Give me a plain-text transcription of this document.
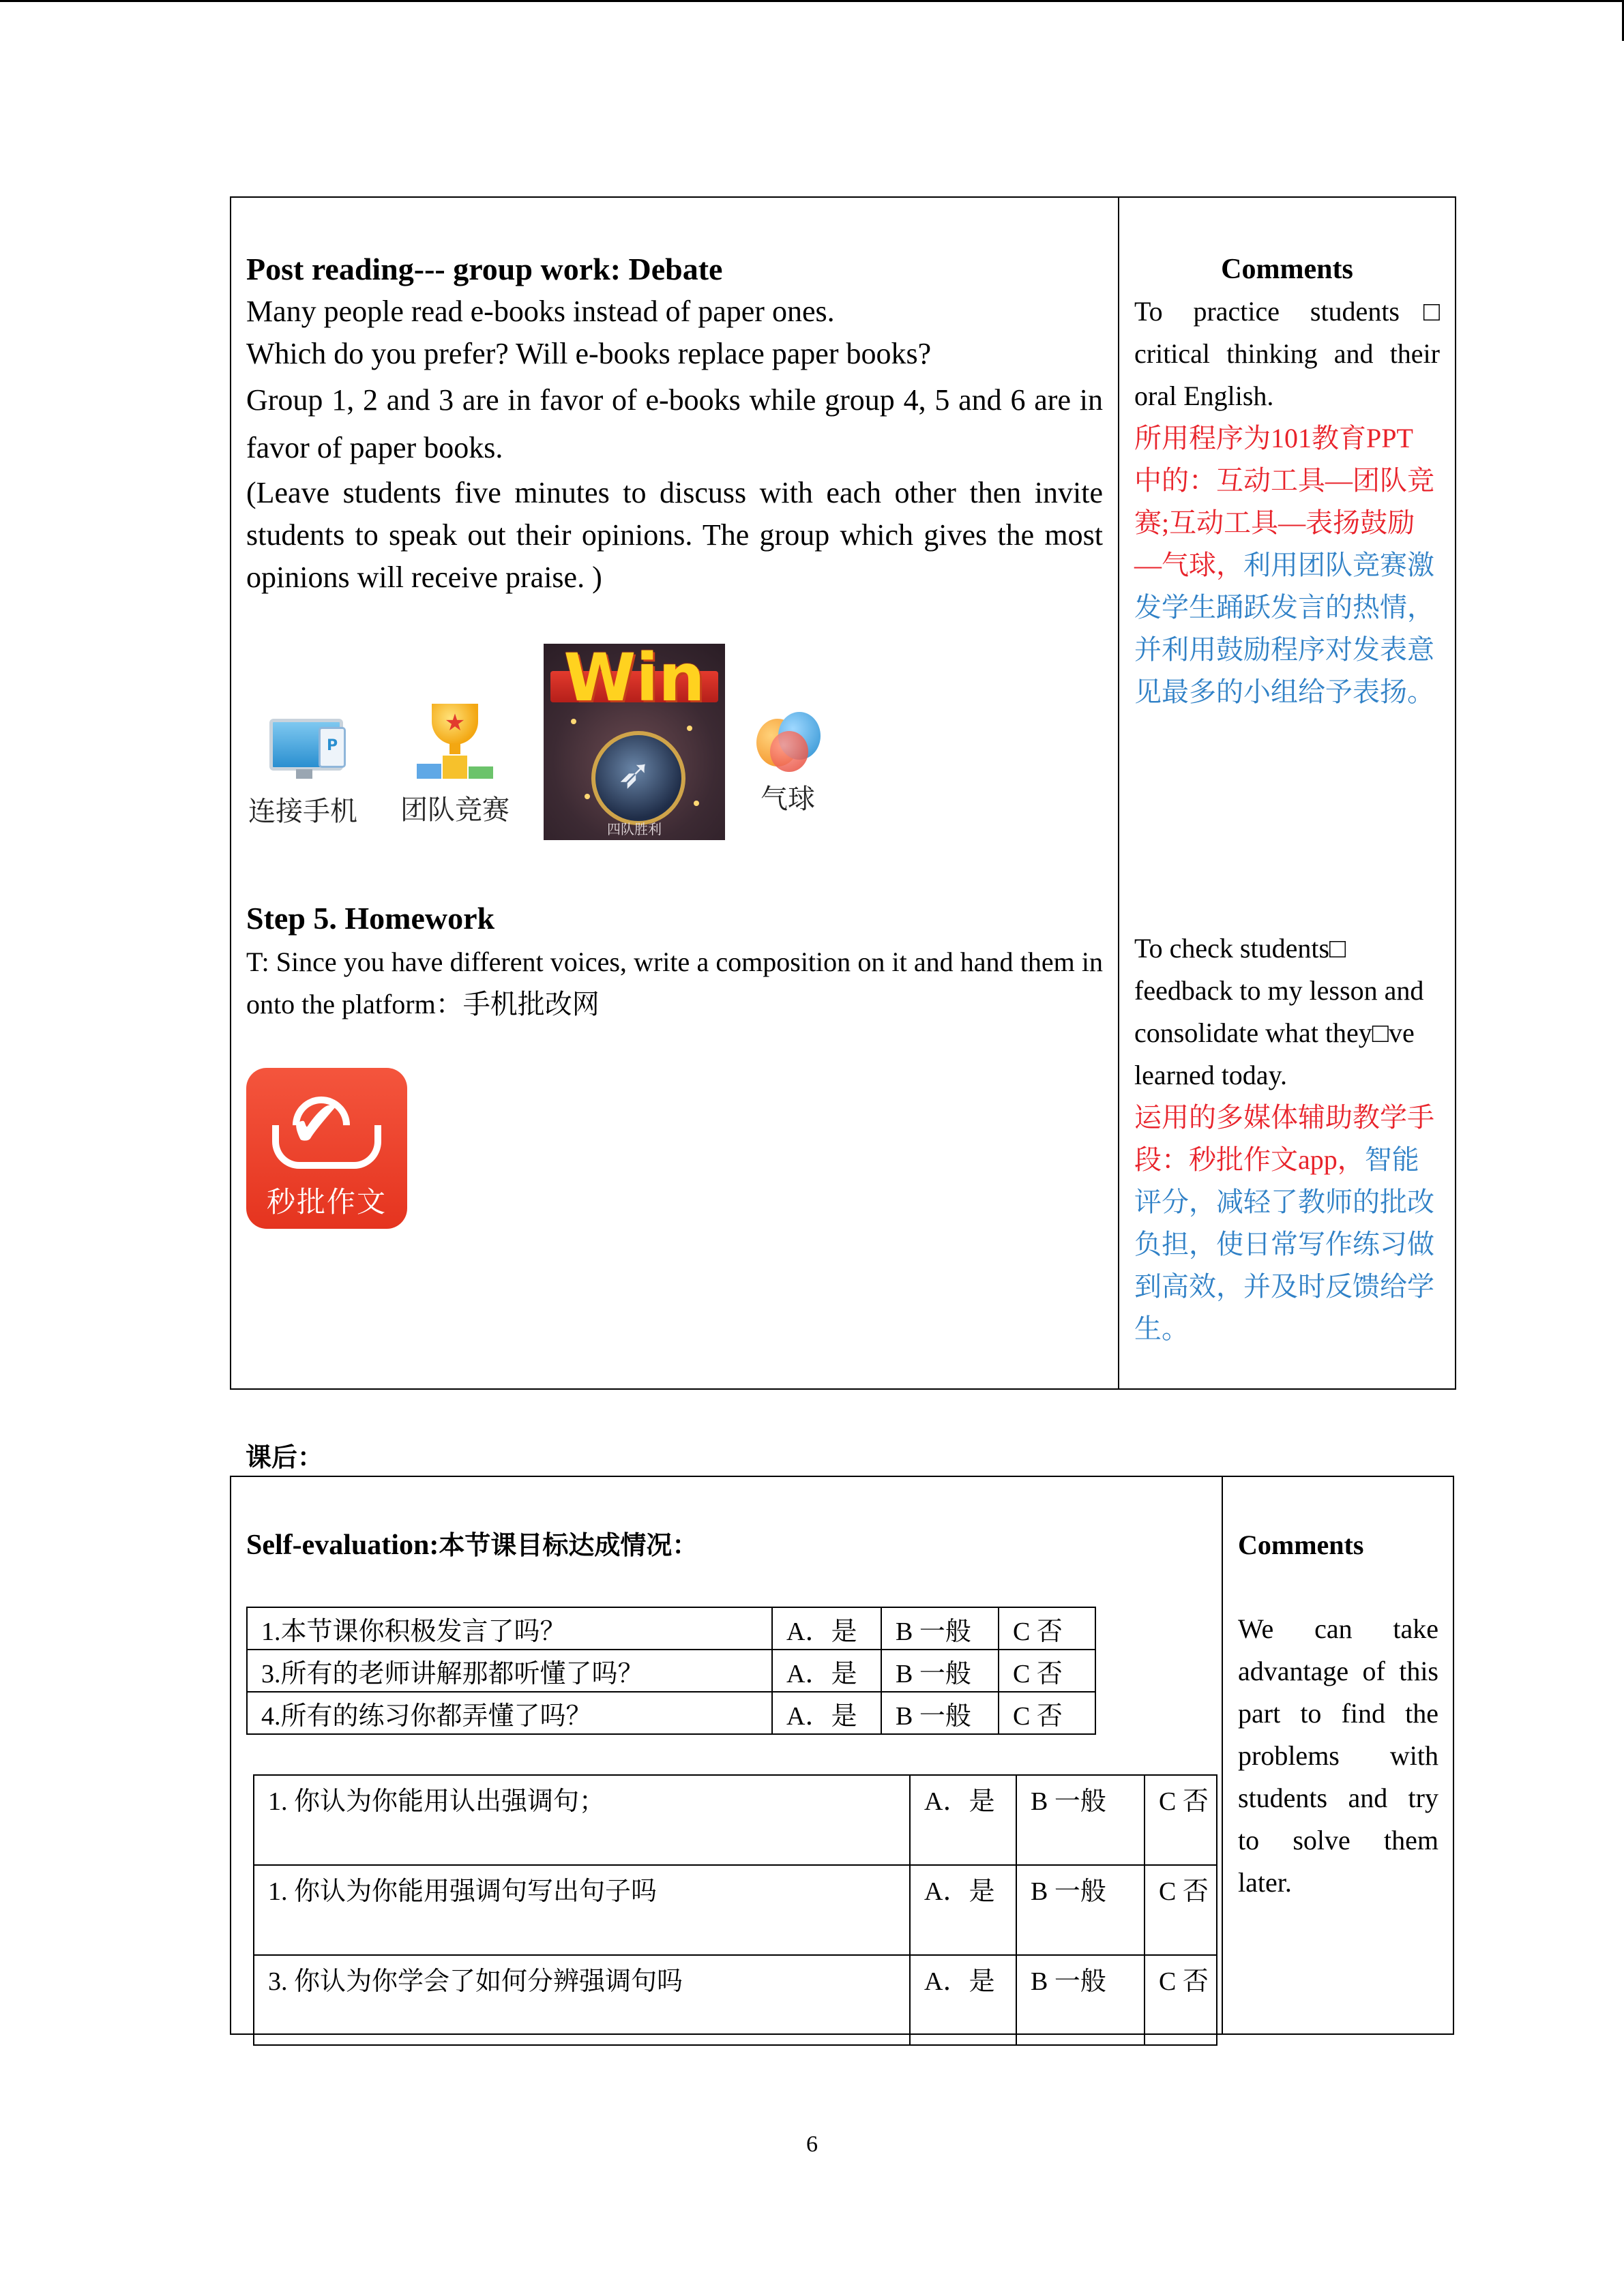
Post reading--- group work: Debate
Many people read e-books instead of paper ones.
Which do you prefer? Will e-books replace paper books?
Group 1, 2 and 3 are in favor of e-books while group 4, 5 and 6 are in favor of paper books.
(Leave students five minutes to discuss with each other then invite students to speak out their opinions. The group which gives the most opinions will receive praise. )
P
连接手机
★
团队竞赛
Win
➶
四队胜利
气球
Step 5. Homework
T: Since you have different voices, write a composition on it and hand them in onto the platform：手机批改网
✔
秒批作文

Comments
To practice students□ critical thinking and their oral English.
所用程序为101教育PPT中的：互动工具—团队竞赛;互动工具—表扬鼓励—气球，利用团队竞赛激发学生踊跃发言的热情，并利用鼓励程序对发表意见最多的小组给予表扬。
To check students□ feedback to my lesson and consolidate what they□ve learned today.
运用的多媒体辅助教学手段：秒批作文app，智能评分，减轻了教师的批改负担，使日常写作练习做到高效，并及时反馈给学生。
课后：
Self-evaluation:本节课目标达成情况：
1.本节课你积极发言了吗？	A．是	B 一般	C 否
3.所有的老师讲解那都听懂了吗？	A．是	B 一般	C 否
4.所有的练习你都弄懂了吗？	A．是	B 一般	C 否
1. 你认为你能用认出强调句；	A．是	B 一般	C 否
1. 你认为你能用强调句写出句子吗	A．是	B 一般	C 否
3. 你认为你学会了如何分辨强调句吗	A．是	B 一般	C 否

Comments
We can take advantage of this part to find the problems with students and try to solve them later.
6
